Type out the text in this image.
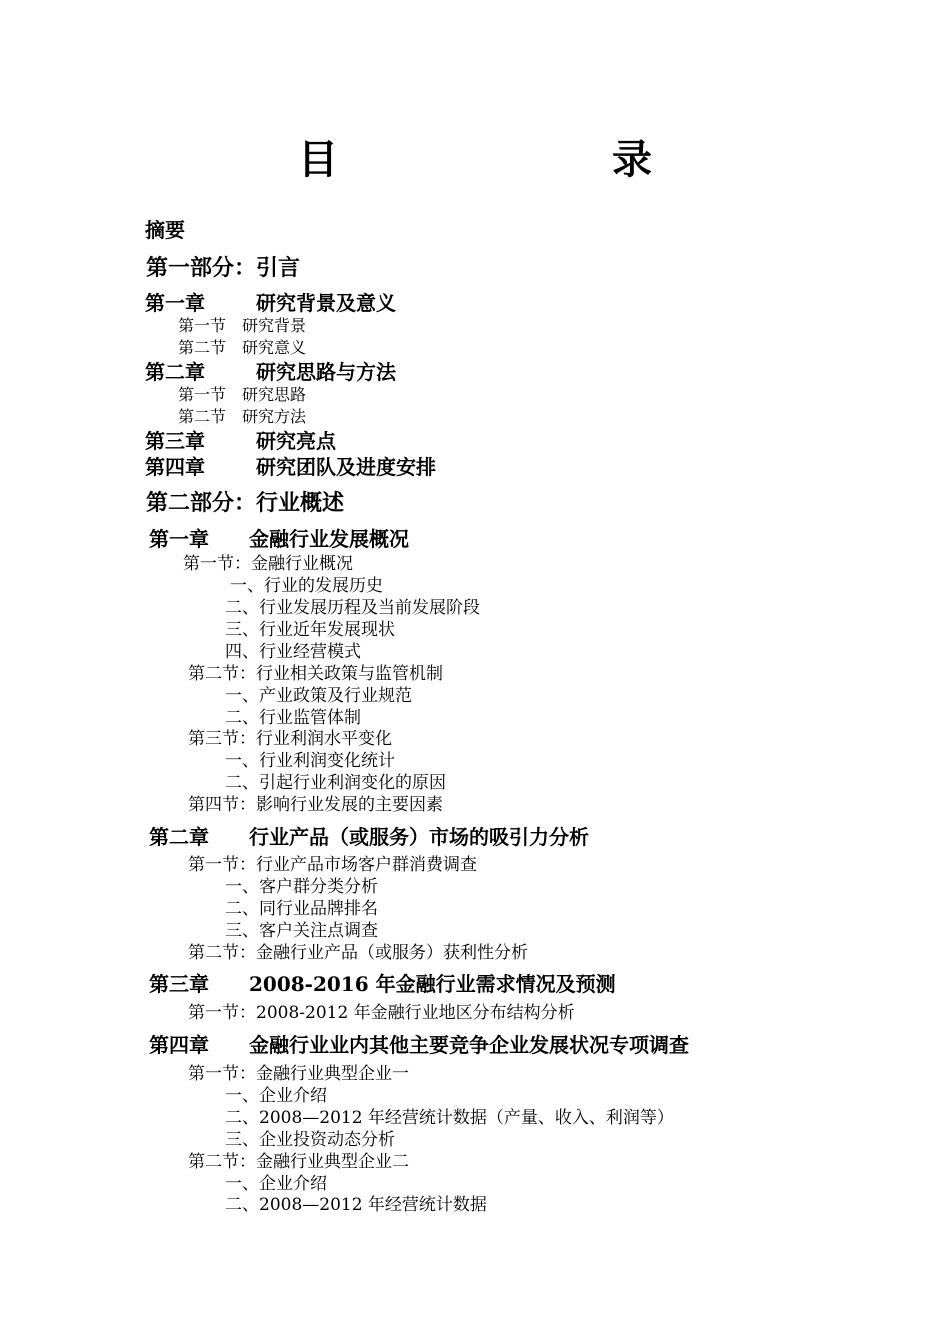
目 录
摘要
第一部分：引言
第一章	研究背景及意义
第一节  研究背景
第二节  研究意义
第二章	研究思路与方法
第一节  研究思路
第二节  研究方法
第三章	研究亮点
第四章	研究团队及进度安排
第二部分：行业概述
第一章 金融行业发展概况
第一节：金融行业概况
一、行业的发展历史
二、行业发展历程及当前发展阶段
三、行业近年发展现状
四、行业经营模式
第二节：行业相关政策与监管机制
一、产业政策及行业规范
二、行业监管体制
第三节：行业利润水平变化
一、行业利润变化统计
二、引起行业利润变化的原因
第四节：影响行业发展的主要因素
第二章 行业产品（或服务）市场的吸引力分析
第一节：行业产品市场客户群消费调查
一、客户群分类分析
二、同行业品牌排名
三、客户关注点调查
第二节：金融行业产品（或服务）获利性分析
第三章 2008-2016 年金融行业需求情况及预测
第一节：2008-2012 年金融行业地区分布结构分析
第四章 金融行业业内其他主要竞争企业发展状况专项调查
第一节：金融行业典型企业一
一、企业介绍
二、2008—2012 年经营统计数据（产量、收入、利润等）
三、企业投资动态分析
第二节：金融行业典型企业二
一、企业介绍
二、2008—2012 年经营统计数据
